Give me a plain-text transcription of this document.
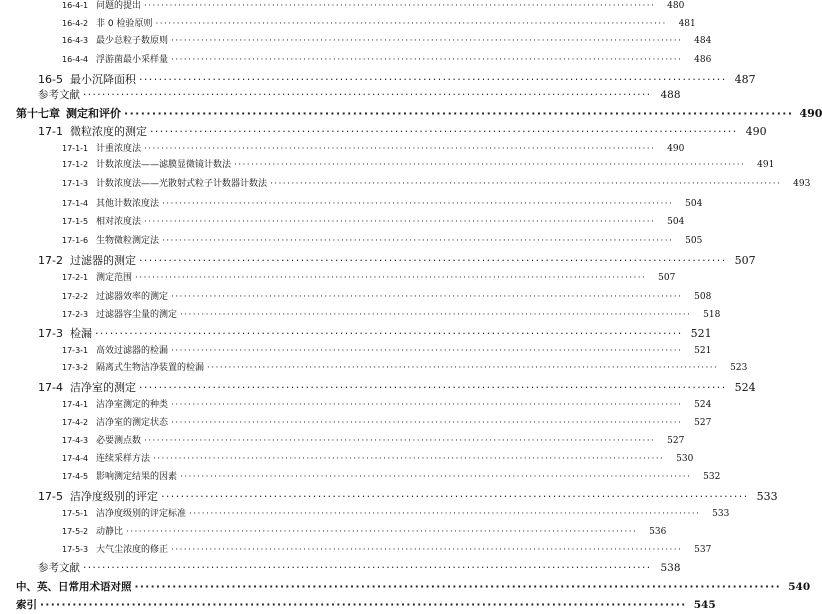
16-4-1 问题的提出 ························································································································	480
16-4-2 非 0 检验原则 ························································································································	481
16-4-3 最少总粒子数原则 ························································································································	484
16-4-4 浮游菌最小采样量 ························································································································	486
16-5 最小沉降面积 ························································································································ 487
参考文献 ························································································································ 488
第十七章 测定和评价 ························································································································ 490
17-1 微粒浓度的测定 ························································································································ 490
17-1-1 计重浓度法 ························································································································	490
17-1-2 计数浓度法——滤膜显微镜计数法 ························································································································	491
17-1-3 计数浓度法——光散射式粒子计数器计数法 ························································································································	493
17-1-4 其他计数浓度法 ························································································································	504
17-1-5 相对浓度法 ························································································································	504
17-1-6 生物微粒测定法 ························································································································	505
17-2 过滤器的测定 ························································································································ 507
17-2-1 测定范围 ························································································································	507
17-2-2 过滤器效率的测定 ························································································································	508
17-2-3 过滤器容尘量的测定 ························································································································	518
17-3 检漏 ························································································································ 521
17-3-1 高效过滤器的检漏 ························································································································	521
17-3-2 隔离式生物洁净装置的检漏 ························································································································	523
17-4 洁净室的测定 ························································································································ 524
17-4-1 洁净室测定的种类 ························································································································	524
17-4-2 洁净室的测定状态 ························································································································	527
17-4-3 必要测点数 ························································································································	527
17-4-4 连续采样方法 ························································································································	530
17-4-5 影响测定结果的因素 ························································································································	532
17-5 洁净度级别的评定 ························································································································ 533
17-5-1 洁净度级别的评定标准 ························································································································	533
17-5-2 动静比 ························································································································	536
17-5-3 大气尘浓度的修正 ························································································································	537
参考文献 ························································································································ 538
中、英、日常用术语对照 ························································································································ 540
索引 ························································································································ 545
